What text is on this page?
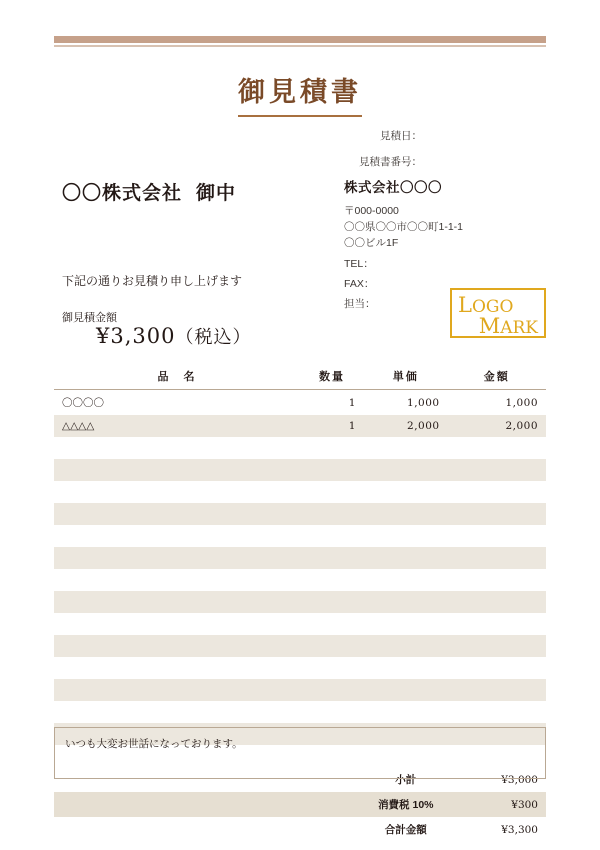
御見積書
見積日：
見積書番号：
〇〇株式会社 御中	株式会社〇〇〇
〒000-0000
〇〇県〇〇市〇〇町1-1-1
〇〇ビル1F
TEL：
FAX：
担当：	LOGO
MARK
下記の通りお見積り申し上げます
御見積金額
¥3,300（税込）
品　名	数量	単価	金額
〇〇〇〇	1	1,000	1,000
△△△△	1	2,000	2,000

		小計	¥3,000
		消費税 10%	¥300
		合計金額	¥3,300
いつも大変お世話になっております。
